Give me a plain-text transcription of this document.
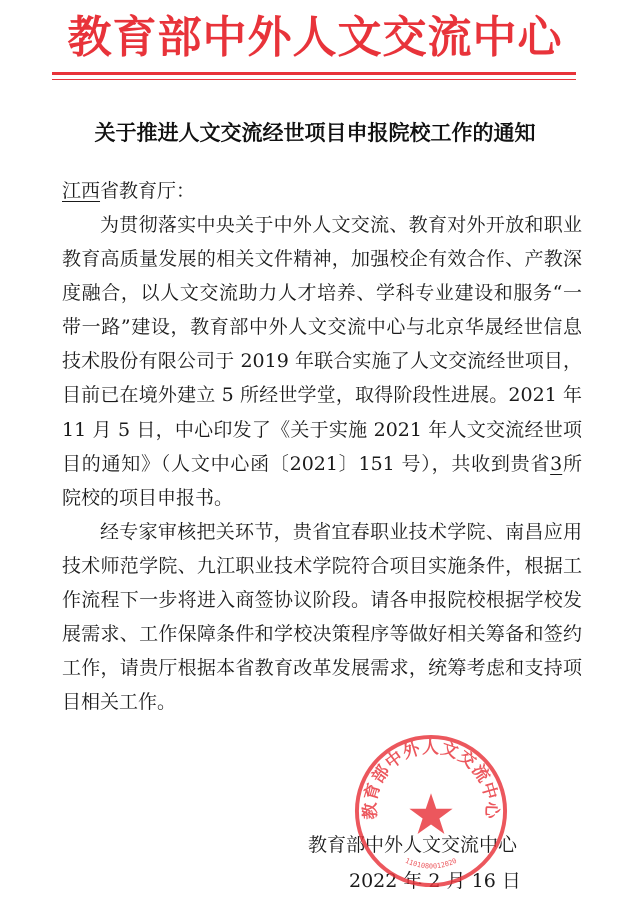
教育部中外人文交流中心
关于推进人文交流经世项目申报院校工作的通知
江西省教育厅：

为贯彻落实中央关于中外人文交流、教育对外开放和职业教育高质量发展的相关文件精神，加强校企有效合作、产教深度融合，以人文交流助力人才培养、学科专业建设和服务“一带一路”建设，教育部中外人文交流中心与北京华晟经世信息技术股份有限公司于 2019 年联合实施了人文交流经世项目，目前已在境外建立 5 所经世学堂，取得阶段性进展。2021 年 11 月 5 日，中心印发了《关于实施 2021 年人文交流经世项目的通知》（人文中心函〔2021〕151 号），共收到贵省3所院校的项目申报书。

经专家审核把关环节，贵省宜春职业技术学院、南昌应用技术师范学院、九江职业技术学院符合项目实施条件，根据工作流程下一步将进入商签协议阶段。请各申报院校根据学校发展需求、工作保障条件和学校决策程序等做好相关筹备和签约工作，请贵厅根据本省教育改革发展需求，统筹考虑和支持项目相关工作。

教育部中外人文交流中心
2022 年 2 月 16 日
教育部中外人文交流中心
1101080012020
